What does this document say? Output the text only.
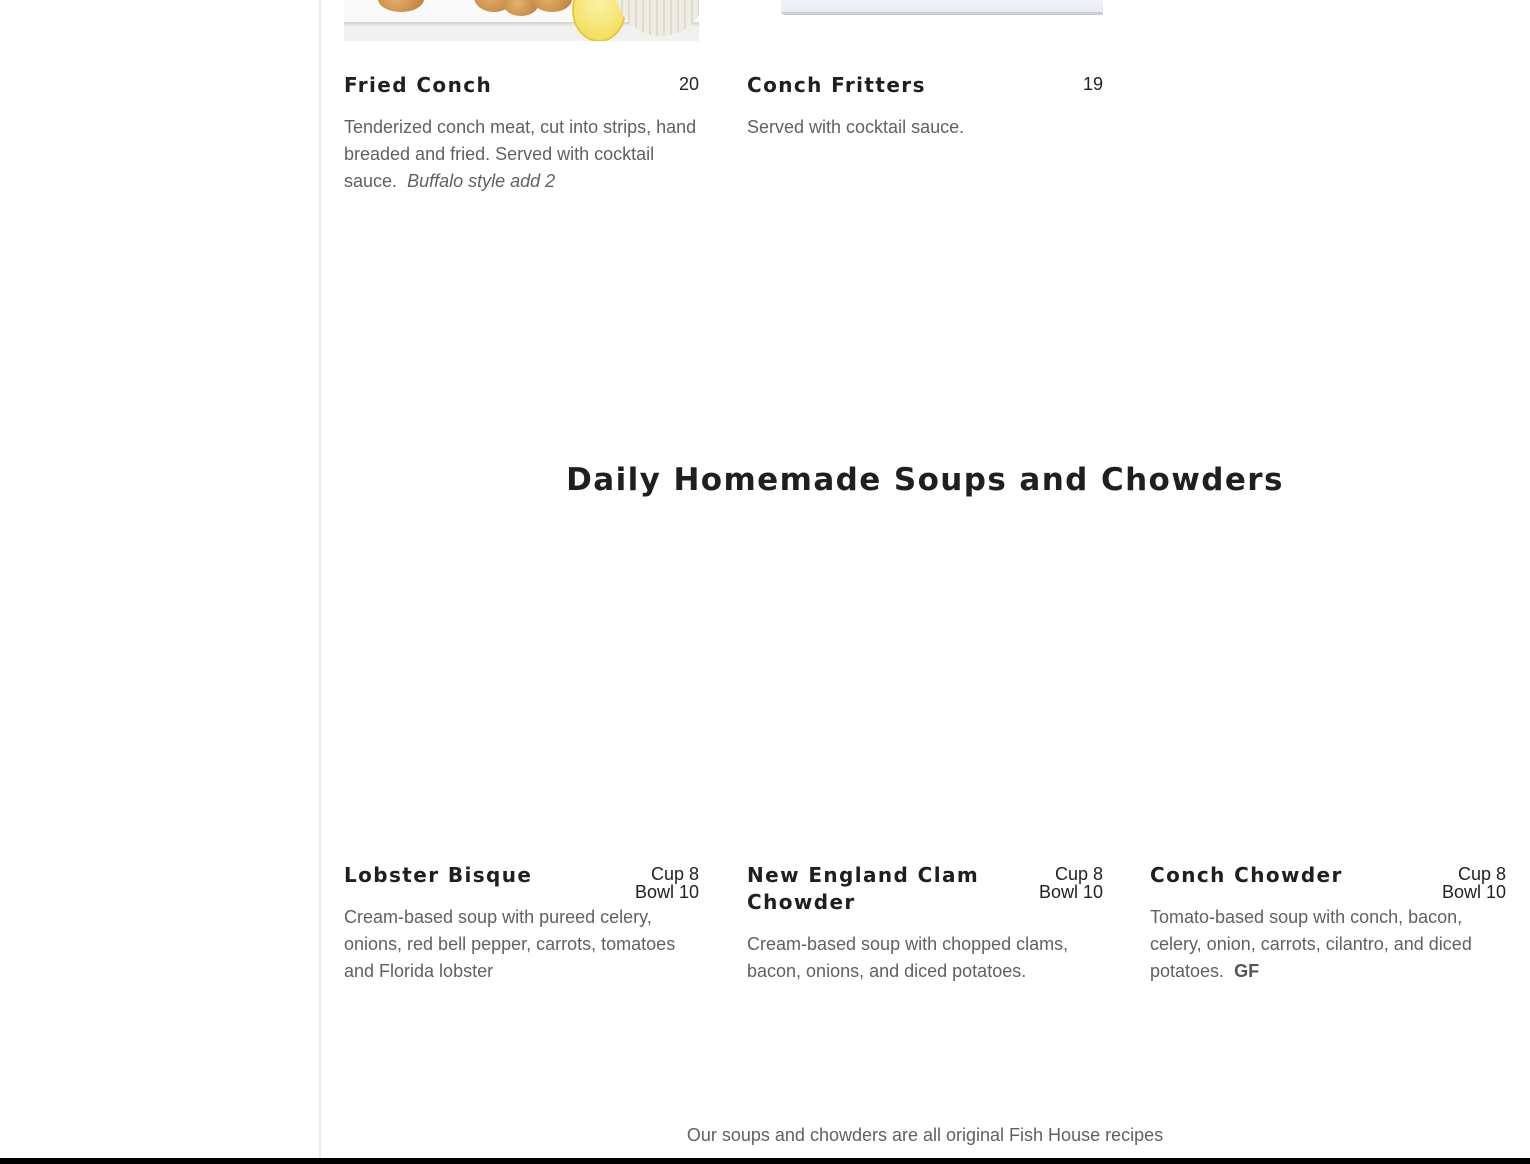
Fried Conch	20
Tenderized conch meat, cut into strips, hand breaded and fried. Served with cocktail sauce. Buffalo style add 2
Conch Fritters	19
Served with cocktail sauce.
Daily Homemade Soups and Chowders
Lobster Bisque	Cup 8
Bowl 10
Cream-based soup with pureed celery, onions, red bell pepper, carrots, tomatoes and Florida lobster
New England Clam Chowder
Cup 8
Bowl 10
Cream-based soup with chopped clams, bacon, onions, and diced potatoes.
Conch Chowder	Cup 8
Bowl 10
Tomato-based soup with conch, bacon, celery, onion, carrots, cilantro, and diced potatoes. GF
Our soups and chowders are all original Fish House recipes
